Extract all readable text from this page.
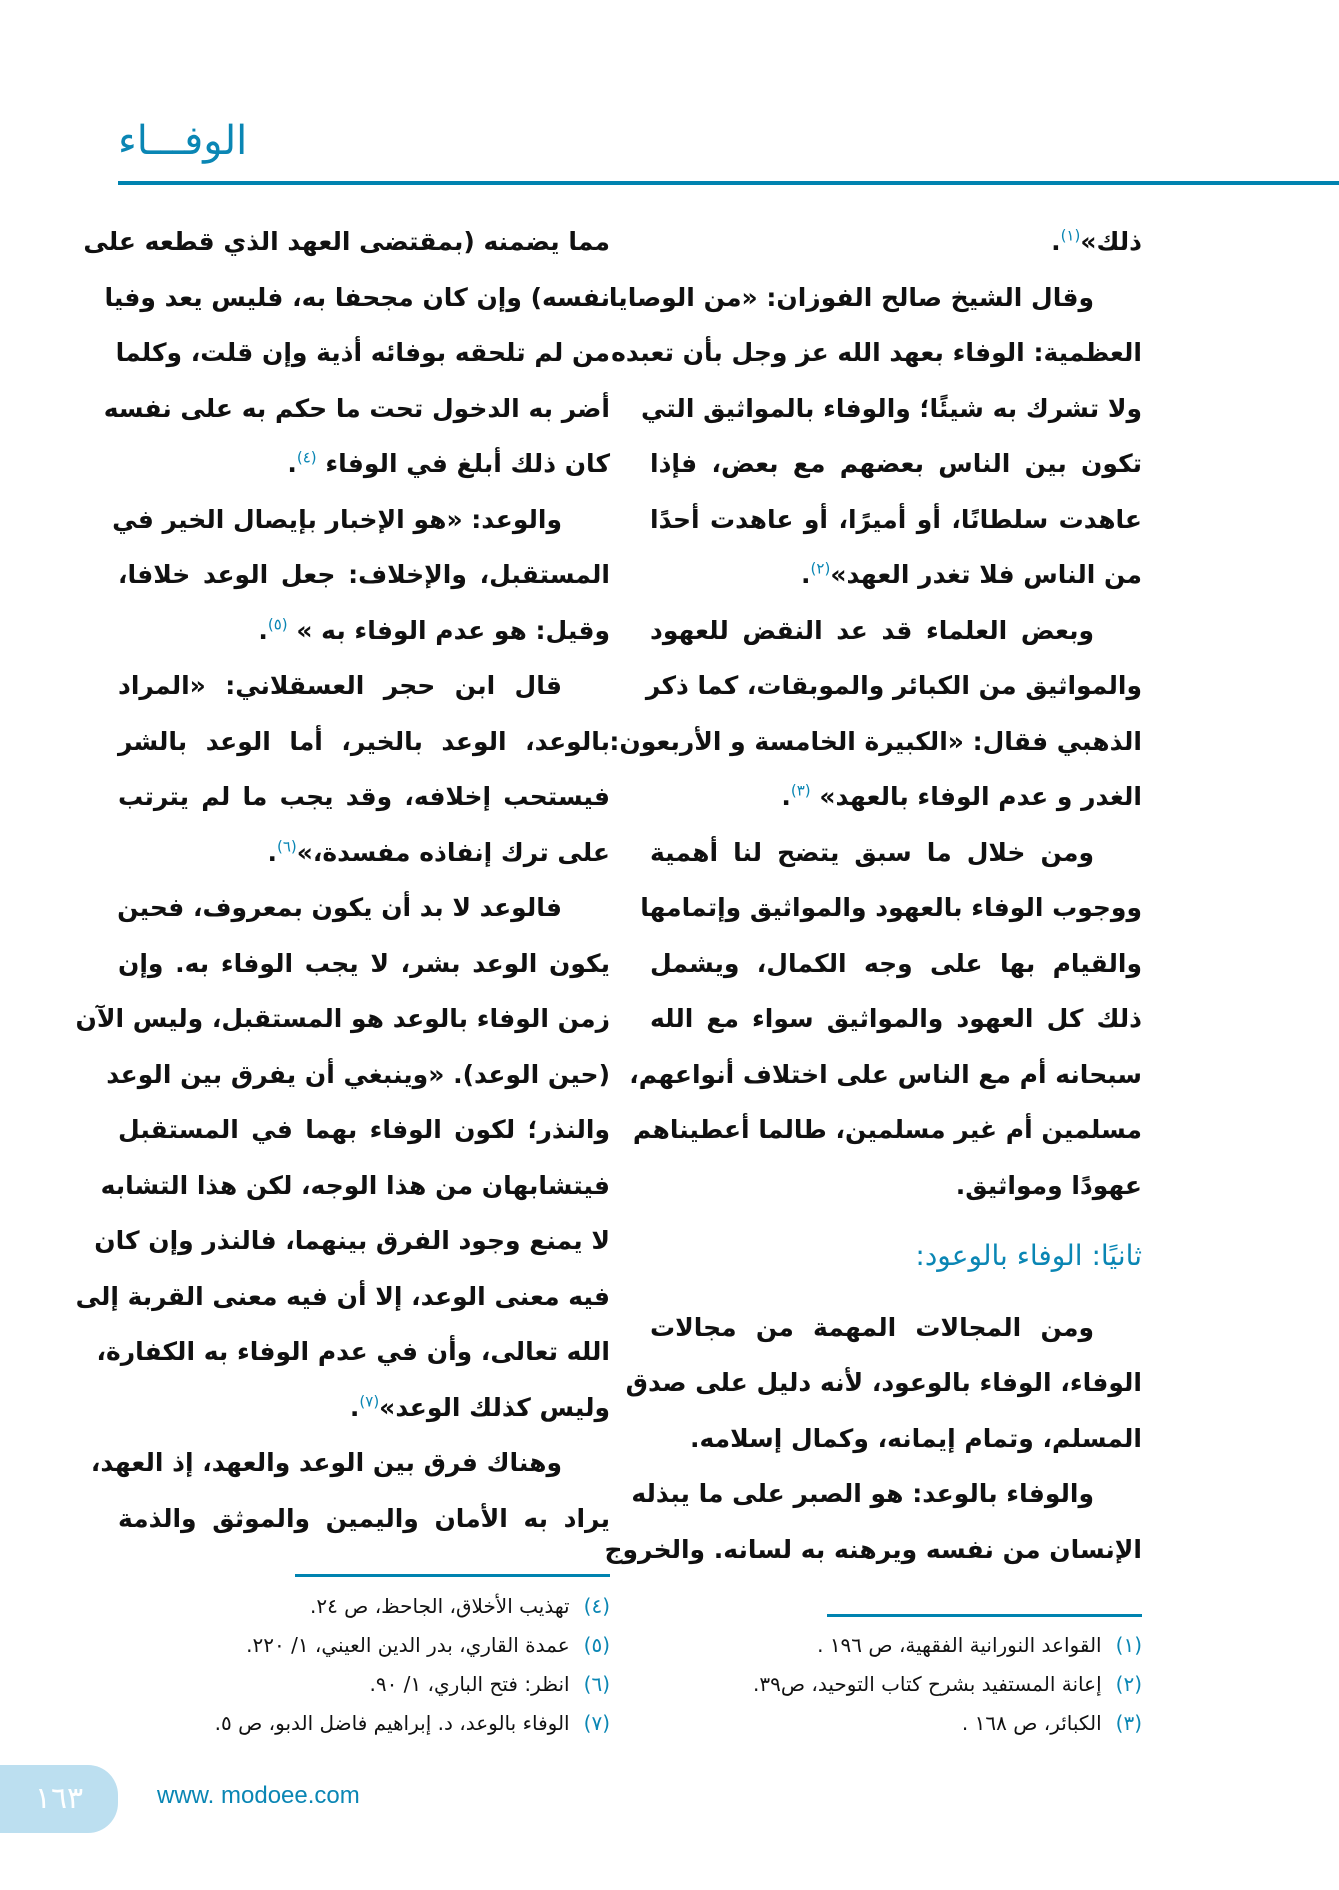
الوفـــاء
ذلك»$^{(١)}$.
وقال الشيخ صالح الفوزان: «من الوصايا
العظمية: الوفاء بعهد الله عز وجل بأن تعبده
ولا تشرك به شيئًا؛ والوفاء بالمواثيق التي
تكون بين الناس بعضهم مع بعض، فإذا
عاهدت سلطانًا، أو أميرًا، أو عاهدت أحدًا
من الناس فلا تغدر العهد»$^{(٢)}$.
وبعض العلماء قد عد النقض للعهود
والمواثيق من الكبائر والموبقات، كما ذكر
الذهبي فقال: «الكبيرة الخامسة و الأربعون:
الغدر و عدم الوفاء بالعهد» $^{(٣)}$.
ومن خلال ما سبق يتضح لنا أهمية
ووجوب الوفاء بالعهود والمواثيق وإتمامها
والقيام بها على وجه الكمال، ويشمل
ذلك كل العهود والمواثيق سواء مع الله
سبحانه أم مع الناس على اختلاف أنواعهم،
مسلمين أم غير مسلمين، طالما أعطيناهم
عهودًا ومواثيق.
ثانيًا: الوفاء بالوعود:
ومن المجالات المهمة من مجالات
الوفاء، الوفاء بالوعود، لأنه دليل على صدق
المسلم، وتمام إيمانه، وكمال إسلامه.
والوفاء بالوعد: هو الصبر على ما يبذله
الإنسان من نفسه ويرهنه به لسانه. والخروج
مما يضمنه (بمقتضى العهد الذي قطعه على
نفسه) وإن كان مجحفا به، فليس يعد وفيا
من لم تلحقه بوفائه أذية وإن قلت، وكلما
أضر به الدخول تحت ما حكم به على نفسه
كان ذلك أبلغ في الوفاء $^{(٤)}$.
والوعد: «هو الإخبار بإيصال الخير في
المستقبل، والإخلاف: جعل الوعد خلافا،
وقيل: هو عدم الوفاء به » $^{(٥)}$.
قال ابن حجر العسقلاني: «المراد
بالوعد، الوعد بالخير، أما الوعد بالشر
فيستحب إخلافه، وقد يجب ما لم يترتب
على ترك إنفاذه مفسدة،»$^{(٦)}$.
فالوعد لا بد أن يكون بمعروف، فحين
يكون الوعد بشر، لا يجب الوفاء به. وإن
زمن الوفاء بالوعد هو المستقبل، وليس الآن
(حين الوعد). «وينبغي أن يفرق بين الوعد
والنذر؛ لكون الوفاء بهما في المستقبل
فيتشابهان من هذا الوجه، لكن هذا التشابه
لا يمنع وجود الفرق بينهما، فالنذر وإن كان
فيه معنى الوعد، إلا أن فيه معنى القربة إلى
الله تعالى، وأن في عدم الوفاء به الكفارة،
وليس كذلك الوعد»$^{(٧)}$.
وهناك فرق بين الوعد والعهد، إذ العهد،
يراد به الأمان واليمين والموثق والذمة
(٤)تهذيب الأخلاق، الجاحظ، ص ٢٤.
(٥)عمدة القاري، بدر الدين العيني، ١/ ٢٢٠.
(٦)انظر: فتح الباري، ١/ ٩٠.
(٧)الوفاء بالوعد، د. إبراهيم فاضل الدبو، ص ٥.
(١)القواعد النورانية الفقهية، ص ١٩٦ .
(٢)إعانة المستفيد بشرح كتاب التوحيد، ص٣٩.
(٣)الكبائر، ص ١٦٨ .
١٦٣	www. modoee.com
